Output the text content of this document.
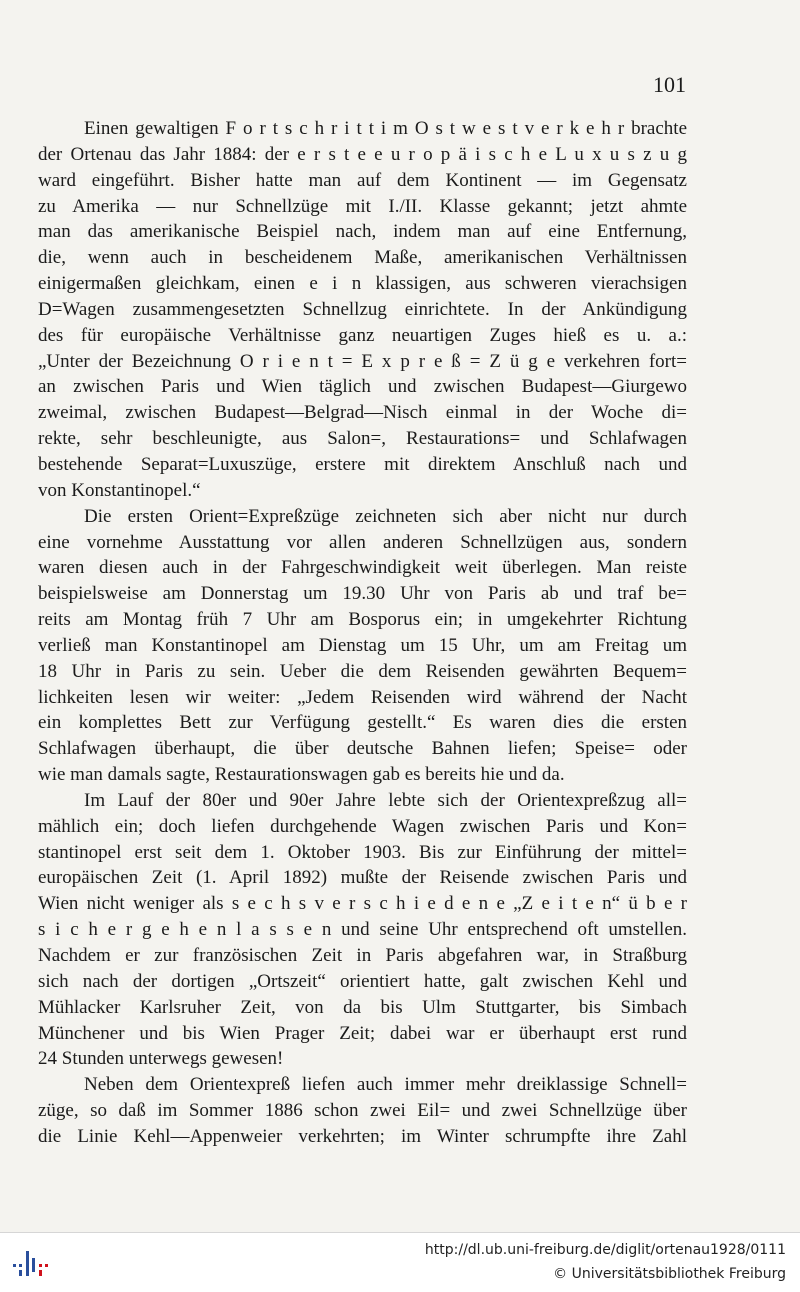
101
Einen gewaltigen F o r t s c h r i t t i m O s t w e s t v e r k e h r brachte
der Ortenau das Jahr 1884: der e r s t e e u r o p ä i s c h e L u x u s z u g
ward eingeführt. Bisher hatte man auf dem Kontinent — im Gegensatz
zu Amerika — nur Schnellzüge mit I./II. Klasse gekannt; jetzt ahmte
man das amerikanische Beispiel nach, indem man auf eine Entfernung,
die, wenn auch in bescheidenem Maße, amerikanischen Verhältnissen
einigermaßen gleichkam, einen e i n klassigen, aus schweren vierachsigen
D=Wagen zusammengesetzten Schnellzug einrichtete. In der Ankündigung
des für europäische Verhältnisse ganz neuartigen Zuges hieß es u. a.:
„Unter der Bezeichnung O r i e n t = E x p r e ß = Z ü g e verkehren fort=
an zwischen Paris und Wien täglich und zwischen Budapest—Giurgewo
zweimal, zwischen Budapest—Belgrad—Nisch einmal in der Woche di=
rekte, sehr beschleunigte, aus Salon=, Restaurations= und Schlafwagen
bestehende Separat=Luxuszüge, erstere mit direktem Anschluß nach und
von Konstantinopel.“
Die ersten Orient=Expreßzüge zeichneten sich aber nicht nur durch
eine vornehme Ausstattung vor allen anderen Schnellzügen aus, sondern
waren diesen auch in der Fahrgeschwindigkeit weit überlegen. Man reiste
beispielsweise am Donnerstag um 19.30 Uhr von Paris ab und traf be=
reits am Montag früh 7 Uhr am Bosporus ein; in umgekehrter Richtung
verließ man Konstantinopel am Dienstag um 15 Uhr, um am Freitag um
18 Uhr in Paris zu sein. Ueber die dem Reisenden gewährten Bequem=
lichkeiten lesen wir weiter: „Jedem Reisenden wird während der Nacht
ein komplettes Bett zur Verfügung gestellt.“ Es waren dies die ersten
Schlafwagen überhaupt, die über deutsche Bahnen liefen; Speise= oder
wie man damals sagte, Restaurationswagen gab es bereits hie und da.
Im Lauf der 80er und 90er Jahre lebte sich der Orientexpreßzug all=
mählich ein; doch liefen durchgehende Wagen zwischen Paris und Kon=
stantinopel erst seit dem 1. Oktober 1903. Bis zur Einführung der mittel=
europäischen Zeit (1. April 1892) mußte der Reisende zwischen Paris und
Wien nicht weniger als s e c h s v e r s c h i e d e n e „Z e i t e n“ ü b e r
s i c h e r g e h e n l a s s e n und seine Uhr entsprechend oft umstellen.
Nachdem er zur französischen Zeit in Paris abgefahren war, in Straßburg
sich nach der dortigen „Ortszeit“ orientiert hatte, galt zwischen Kehl und
Mühlacker Karlsruher Zeit, von da bis Ulm Stuttgarter, bis Simbach
Münchener und bis Wien Prager Zeit; dabei war er überhaupt erst rund
24 Stunden unterwegs gewesen!
Neben dem Orientexpreß liefen auch immer mehr dreiklassige Schnell=
züge, so daß im Sommer 1886 schon zwei Eil= und zwei Schnellzüge über
die Linie Kehl—Appenweier verkehrten; im Winter schrumpfte ihre Zahl
http://dl.ub.uni-freiburg.de/diglit/ortenau1928/0111
© Universitätsbibliothek Freiburg
